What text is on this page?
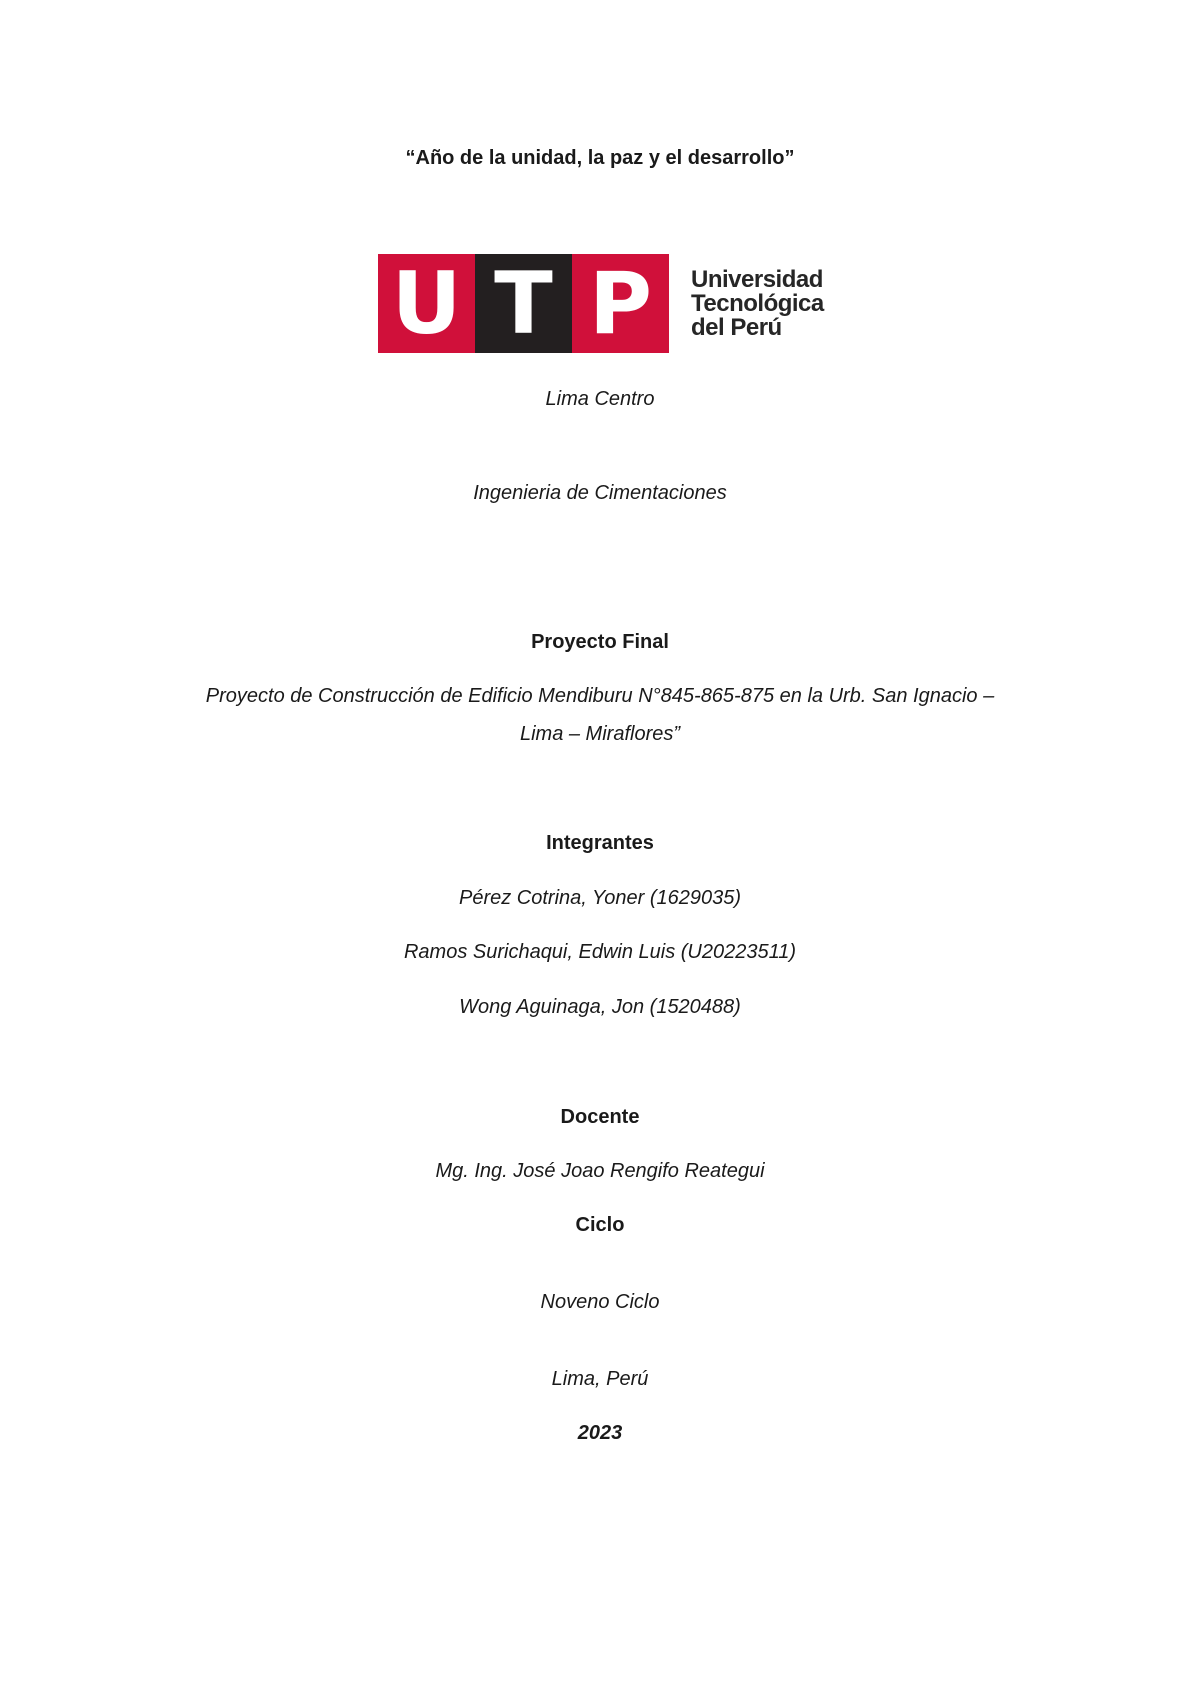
“Año de la unidad, la paz y el desarrollo”
U T P	Universidad
Tecnológica
del Perú
Lima Centro
Ingenieria de Cimentaciones
Proyecto Final
Proyecto de Construcción de Edificio Mendiburu N°845-865-875 en la Urb. San Ignacio –
Lima – Miraflores”
Integrantes
Pérez Cotrina, Yoner (1629035)
Ramos Surichaqui, Edwin Luis (U20223511)
Wong Aguinaga, Jon (1520488)
Docente
Mg. Ing. José Joao Rengifo Reategui
Ciclo
Noveno Ciclo
Lima, Perú
2023
